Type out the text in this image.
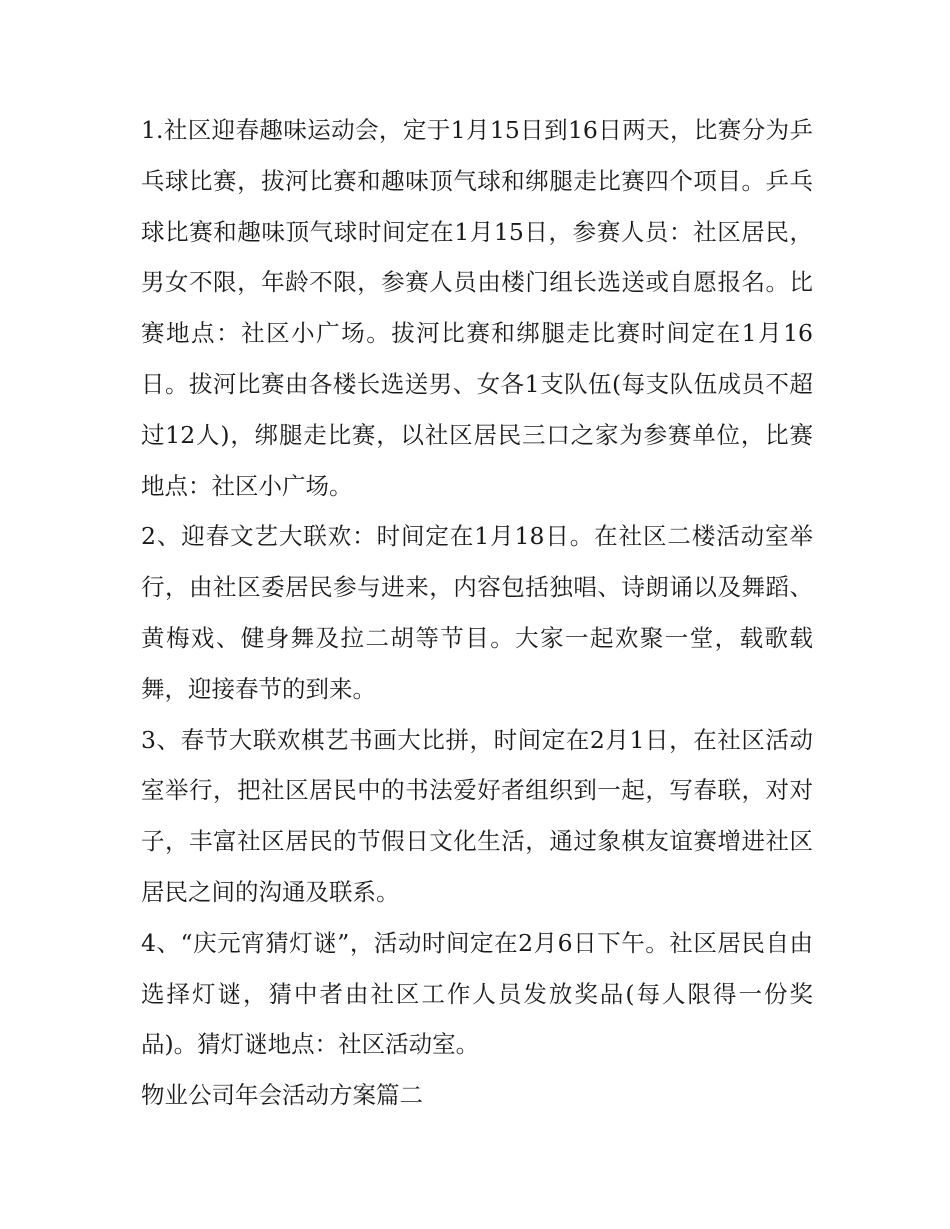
1.社区迎春趣味运动会，定于1月15日到16日两天，比赛分为乒乓球比赛，拔河比赛和趣味顶气球和绑腿走比赛四个项目。乒乓球比赛和趣味顶气球时间定在1月15日，参赛人员：社区居民，男女不限，年龄不限，参赛人员由楼门组长选送或自愿报名。比赛地点：社区小广场。拔河比赛和绑腿走比赛时间定在1月16日。拔河比赛由各楼长选送男、女各1支队伍(每支队伍成员不超过12人)，绑腿走比赛，以社区居民三口之家为参赛单位，比赛地点：社区小广场。

2、迎春文艺大联欢：时间定在1月18日。在社区二楼活动室举行，由社区委居民参与进来，内容包括独唱、诗朗诵以及舞蹈、黄梅戏、健身舞及拉二胡等节目。大家一起欢聚一堂，载歌载舞，迎接春节的到来。

3、春节大联欢棋艺书画大比拼，时间定在2月1日，在社区活动室举行，把社区居民中的书法爱好者组织到一起，写春联，对对子，丰富社区居民的节假日文化生活，通过象棋友谊赛增进社区居民之间的沟通及联系。

4、“庆元宵猜灯谜”，活动时间定在2月6日下午。社区居民自由选择灯谜，猜中者由社区工作人员发放奖品(每人限得一份奖品)。猜灯谜地点：社区活动室。

物业公司年会活动方案篇二
